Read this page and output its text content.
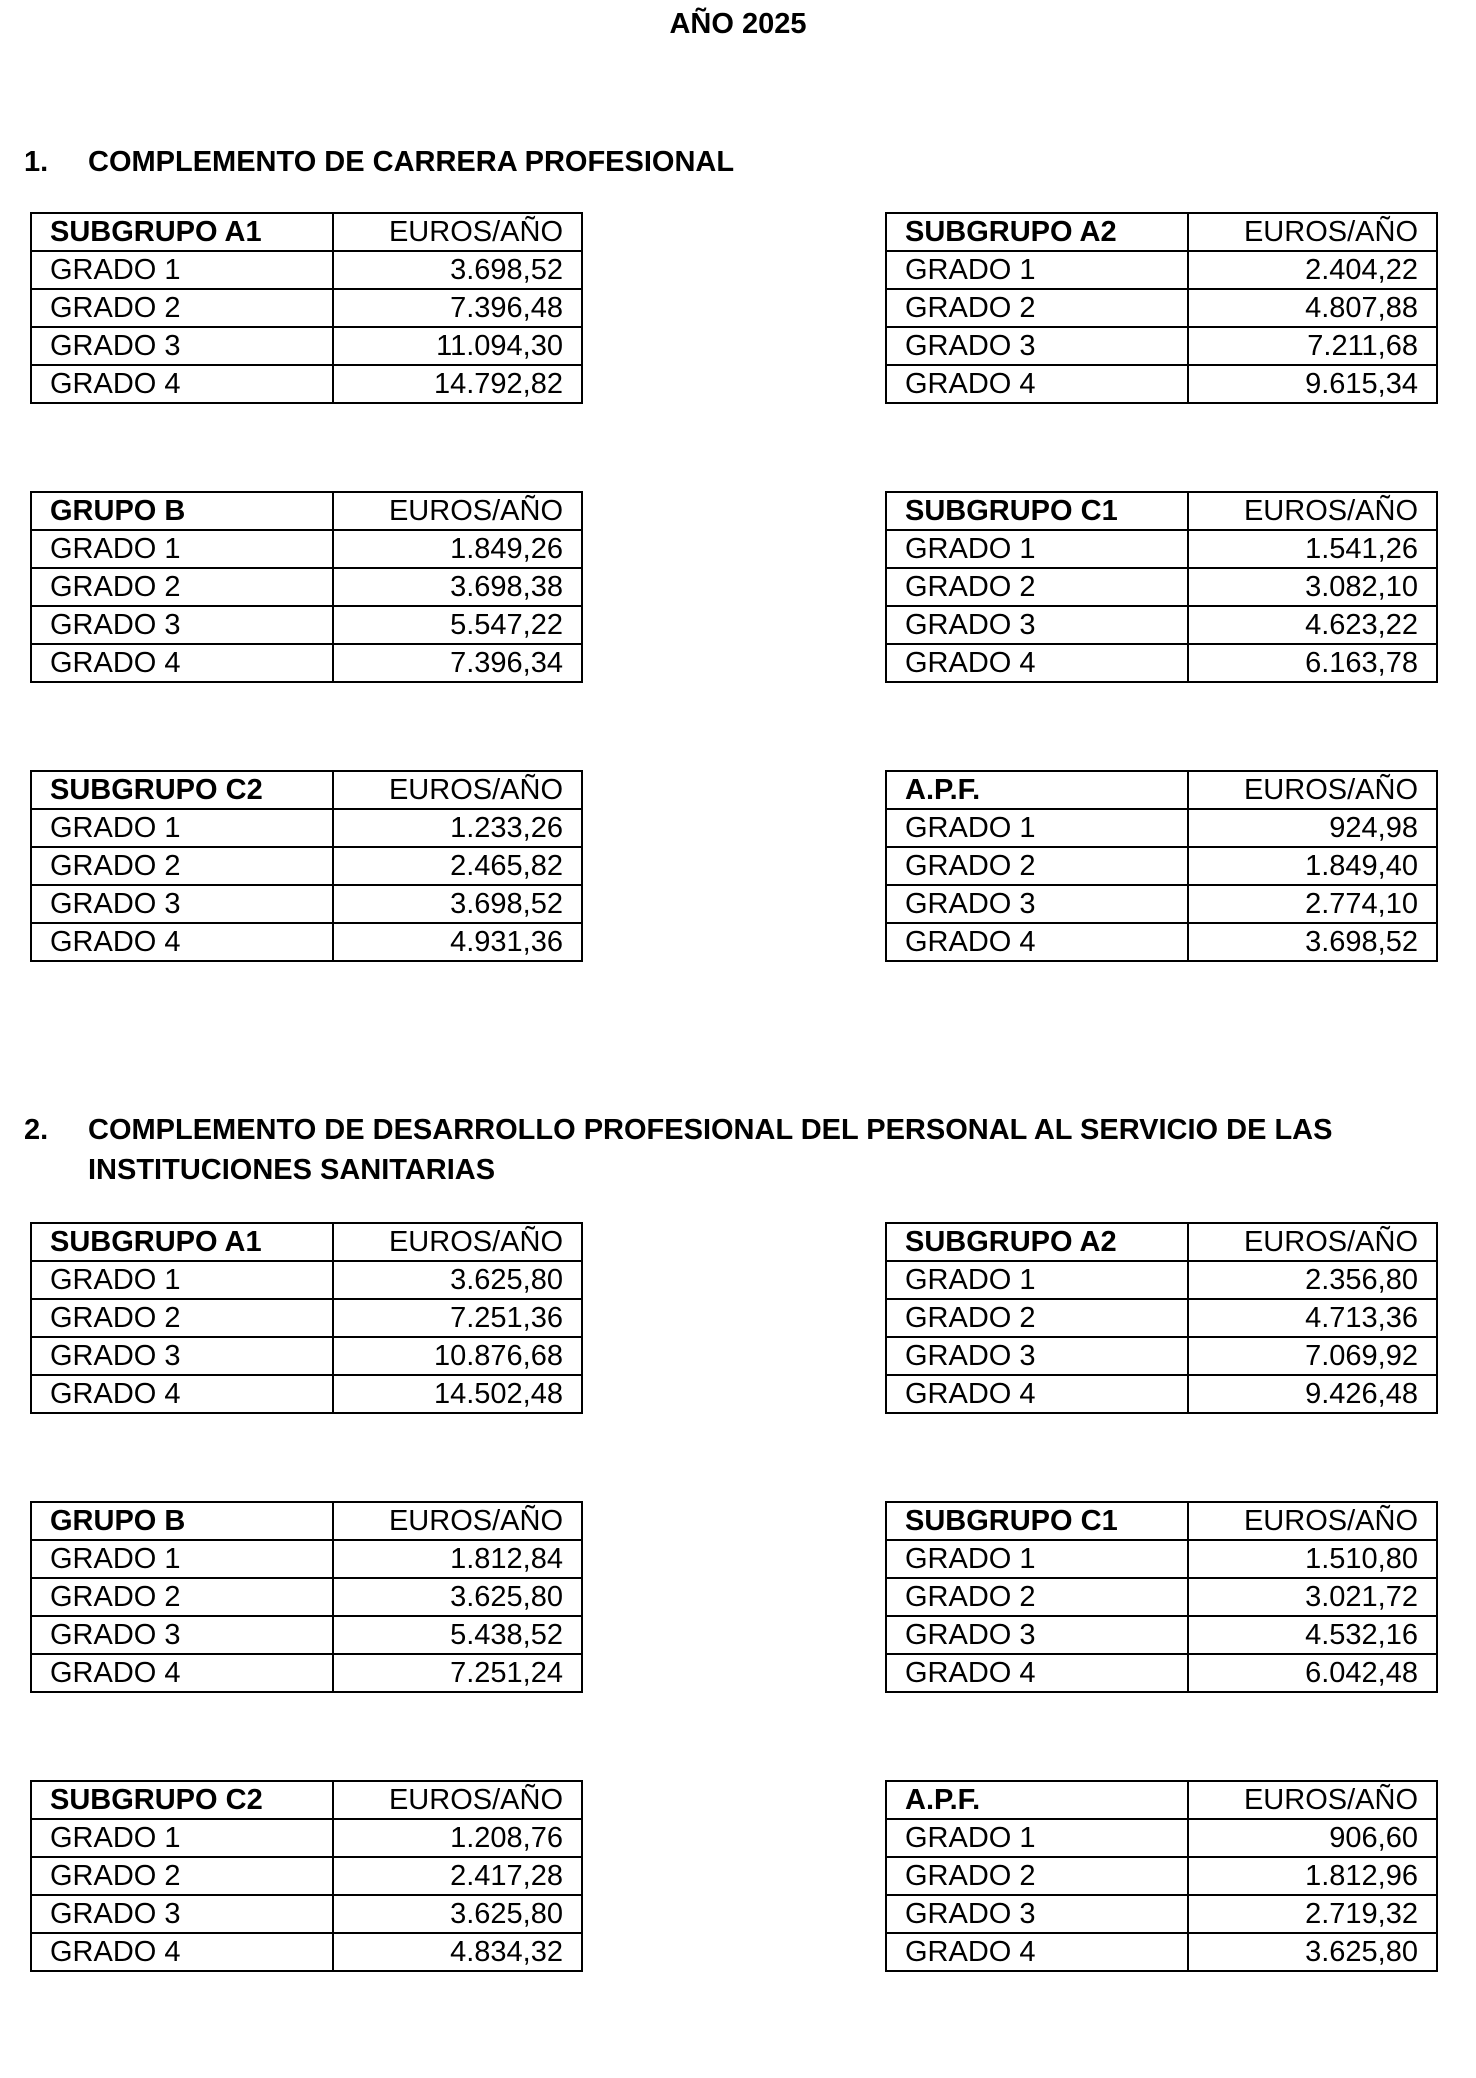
AÑO 2025
1. COMPLEMENTO DE CARRERA PROFESIONAL
SUBGRUPO A1	EUROS/AÑO
GRADO 1	3.698,52
GRADO 2	7.396,48
GRADO 3	11.094,30
GRADO 4	14.792,82
SUBGRUPO A2	EUROS/AÑO
GRADO 1	2.404,22
GRADO 2	4.807,88
GRADO 3	7.211,68
GRADO 4	9.615,34
GRUPO B	EUROS/AÑO
GRADO 1	1.849,26
GRADO 2	3.698,38
GRADO 3	5.547,22
GRADO 4	7.396,34
SUBGRUPO C1	EUROS/AÑO
GRADO 1	1.541,26
GRADO 2	3.082,10
GRADO 3	4.623,22
GRADO 4	6.163,78
SUBGRUPO C2	EUROS/AÑO
GRADO 1	1.233,26
GRADO 2	2.465,82
GRADO 3	3.698,52
GRADO 4	4.931,36
A.P.F.	EUROS/AÑO
GRADO 1	924,98
GRADO 2	1.849,40
GRADO 3	2.774,10
GRADO 4	3.698,52
2. COMPLEMENTO DE DESARROLLO PROFESIONAL DEL PERSONAL AL SERVICIO DE LAS
INSTITUCIONES SANITARIAS
SUBGRUPO A1	EUROS/AÑO
GRADO 1	3.625,80
GRADO 2	7.251,36
GRADO 3	10.876,68
GRADO 4	14.502,48
SUBGRUPO A2	EUROS/AÑO
GRADO 1	2.356,80
GRADO 2	4.713,36
GRADO 3	7.069,92
GRADO 4	9.426,48
GRUPO B	EUROS/AÑO
GRADO 1	1.812,84
GRADO 2	3.625,80
GRADO 3	5.438,52
GRADO 4	7.251,24
SUBGRUPO C1	EUROS/AÑO
GRADO 1	1.510,80
GRADO 2	3.021,72
GRADO 3	4.532,16
GRADO 4	6.042,48
SUBGRUPO C2	EUROS/AÑO
GRADO 1	1.208,76
GRADO 2	2.417,28
GRADO 3	3.625,80
GRADO 4	4.834,32
A.P.F.	EUROS/AÑO
GRADO 1	906,60
GRADO 2	1.812,96
GRADO 3	2.719,32
GRADO 4	3.625,80
